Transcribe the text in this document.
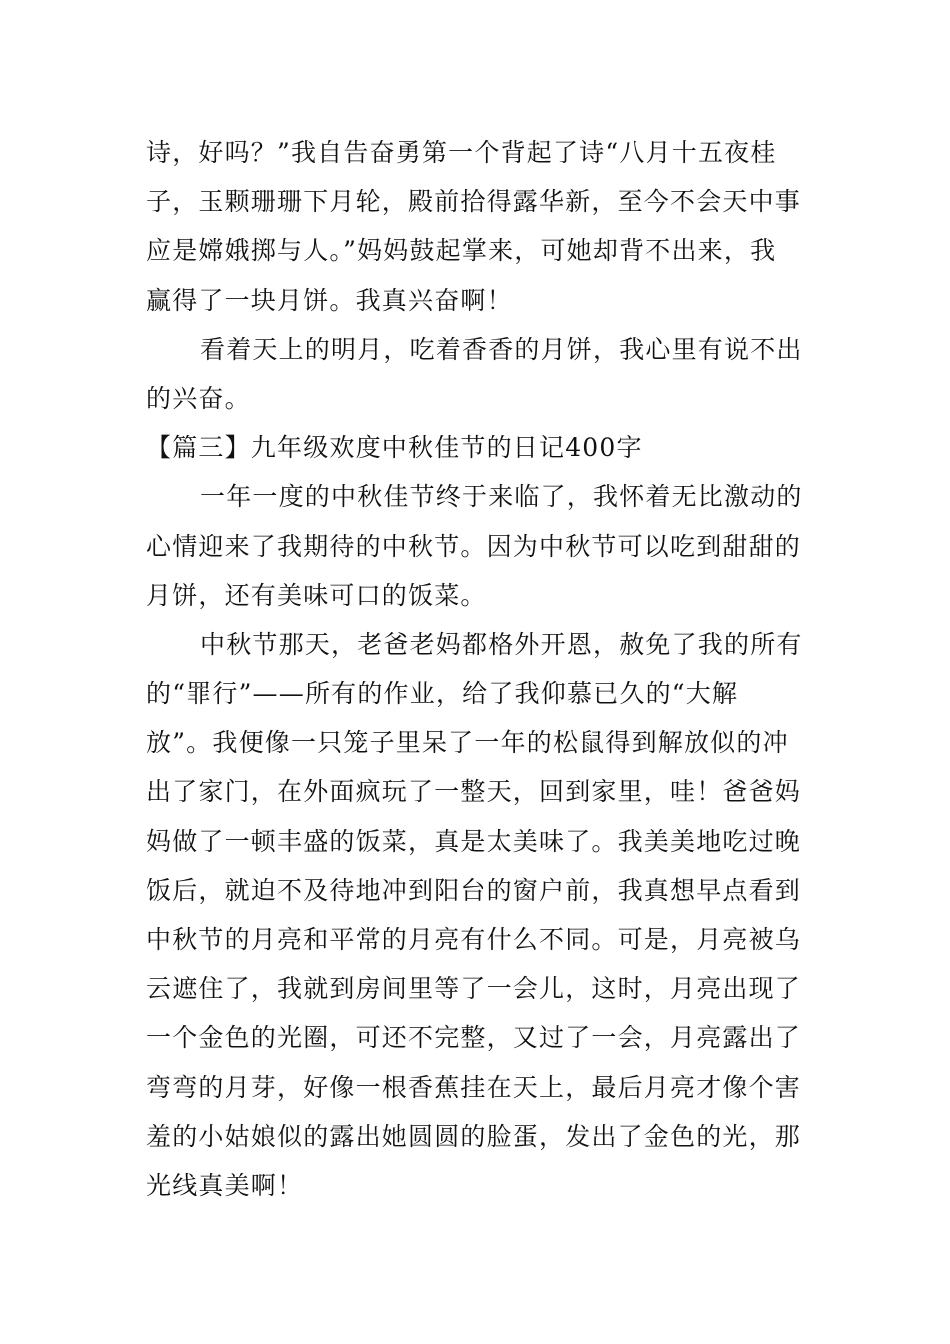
诗，好吗？”我自告奋勇第一个背起了诗“八月十五夜桂
子，玉颗珊珊下月轮，殿前拾得露华新，至今不会天中事
应是嫦娥掷与人。”妈妈鼓起掌来，可她却背不出来，我
赢得了一块月饼。我真兴奋啊！
看着天上的明月，吃着香香的月饼，我心里有说不出
的兴奋。
【篇三】九年级欢度中秋佳节的日记400字
一年一度的中秋佳节终于来临了，我怀着无比激动的
心情迎来了我期待的中秋节。因为中秋节可以吃到甜甜的
月饼，还有美味可口的饭菜。
中秋节那天，老爸老妈都格外开恩，赦免了我的所有
的“罪行”——所有的作业，给了我仰慕已久的“大解
放”。我便像一只笼子里呆了一年的松鼠得到解放似的冲
出了家门，在外面疯玩了一整天，回到家里，哇！爸爸妈
妈做了一顿丰盛的饭菜，真是太美味了。我美美地吃过晚
饭后，就迫不及待地冲到阳台的窗户前，我真想早点看到
中秋节的月亮和平常的月亮有什么不同。可是，月亮被乌
云遮住了，我就到房间里等了一会儿，这时，月亮出现了
一个金色的光圈，可还不完整，又过了一会，月亮露出了
弯弯的月芽，好像一根香蕉挂在天上，最后月亮才像个害
羞的小姑娘似的露出她圆圆的脸蛋，发出了金色的光，那
光线真美啊！
